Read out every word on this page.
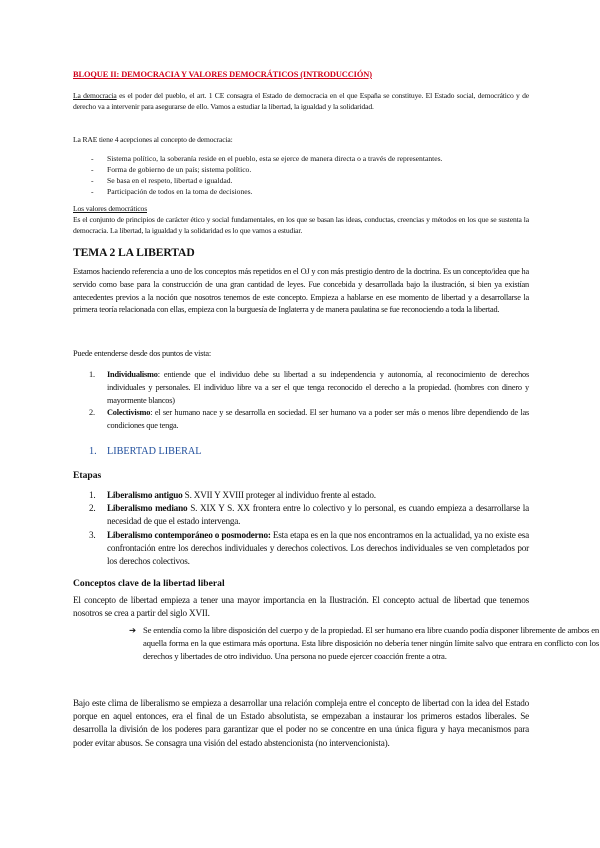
BLOQUE II: DEMOCRACIA Y VALORES DEMOCRÁTICOS (INTRODUCCIÓN)
La democracia es el poder del pueblo, el art. 1 CE consagra el Estado de democracia en el que España se constituye. El Estado social, democrático y de derecho va a intervenir para asegurarse de ello. Vamos a estudiar la libertad, la igualdad y la solidaridad.
La RAE tiene 4 acepciones al concepto de democracia:
- Sistema político, la soberanía reside en el pueblo, esta se ejerce de manera directa o a través de representantes.
- Forma de gobierno de un país; sistema político.
- Se basa en el respeto, libertad e igualdad.
- Participación de todos en la toma de decisiones.
Los valores democráticos
Es el conjunto de principios de carácter ético y social fundamentales, en los que se basan las ideas, conductas, creencias y métodos en los que se sustenta la democracia. La libertad, la igualdad y la solidaridad es lo que vamos a estudiar.
TEMA 2 LA LIBERTAD
Estamos haciendo referencia a uno de los conceptos más repetidos en el OJ y con más prestigio dentro de la doctrina. Es un concepto/idea que ha servido como base para la construcción de una gran cantidad de leyes. Fue concebida y desarrollada bajo la ilustración, si bien ya existían antecedentes previos a la noción que nosotros tenemos de este concepto. Empieza a hablarse en ese momento de libertad y a desarrollarse la primera teoría relacionada con ellas, empieza con la burguesía de Inglaterra y de manera paulatina se fue reconociendo a toda la libertad.
Puede entenderse desde dos puntos de vista:
1. Individualismo: entiende que el individuo debe su libertad a su independencia y autonomía, al reconocimiento de derechos individuales y personales. El individuo libre va a ser el que tenga reconocido el derecho a la propiedad. (hombres con dinero y mayormente blancos)
2. Colectivismo: el ser humano nace y se desarrolla en sociedad. El ser humano va a poder ser más o menos libre dependiendo de las condiciones que tenga.
1. LIBERTAD LIBERAL
Etapas
1. Liberalismo antiguo S. XVII Y XVIII proteger al individuo frente al estado.
2. Liberalismo mediano S. XIX Y S. XX frontera entre lo colectivo y lo personal, es cuando empieza a desarrollarse la necesidad de que el estado intervenga.
3. Liberalismo contemporáneo o posmoderno: Esta etapa es en la que nos encontramos en la actualidad, ya no existe esa confrontación entre los derechos individuales y derechos colectivos. Los derechos individuales se ven completados por los derechos colectivos.
Conceptos clave de la libertad liberal
El concepto de libertad empieza a tener una mayor importancia en la Ilustración. El concepto actual de libertad que tenemos nosotros se crea a partir del siglo XVII.
➔ Se entendía como la libre disposición del cuerpo y de la propiedad. El ser humano era libre cuando podía disponer libremente de ambos en aquella forma en la que estimara más oportuna. Esta libre disposición no debería tener ningún límite salvo que entrara en conflicto con los derechos y libertades de otro individuo. Una persona no puede ejercer coacción frente a otra.
Bajo este clima de liberalismo se empieza a desarrollar una relación compleja entre el concepto de libertad con la idea del Estado porque en aquel entonces, era el final de un Estado absolutista, se empezaban a instaurar los primeros estados liberales. Se desarrolla la división de los poderes para garantizar que el poder no se concentre en una única figura y haya mecanismos para poder evitar abusos. Se consagra una visión del estado abstencionista (no intervencionista).
